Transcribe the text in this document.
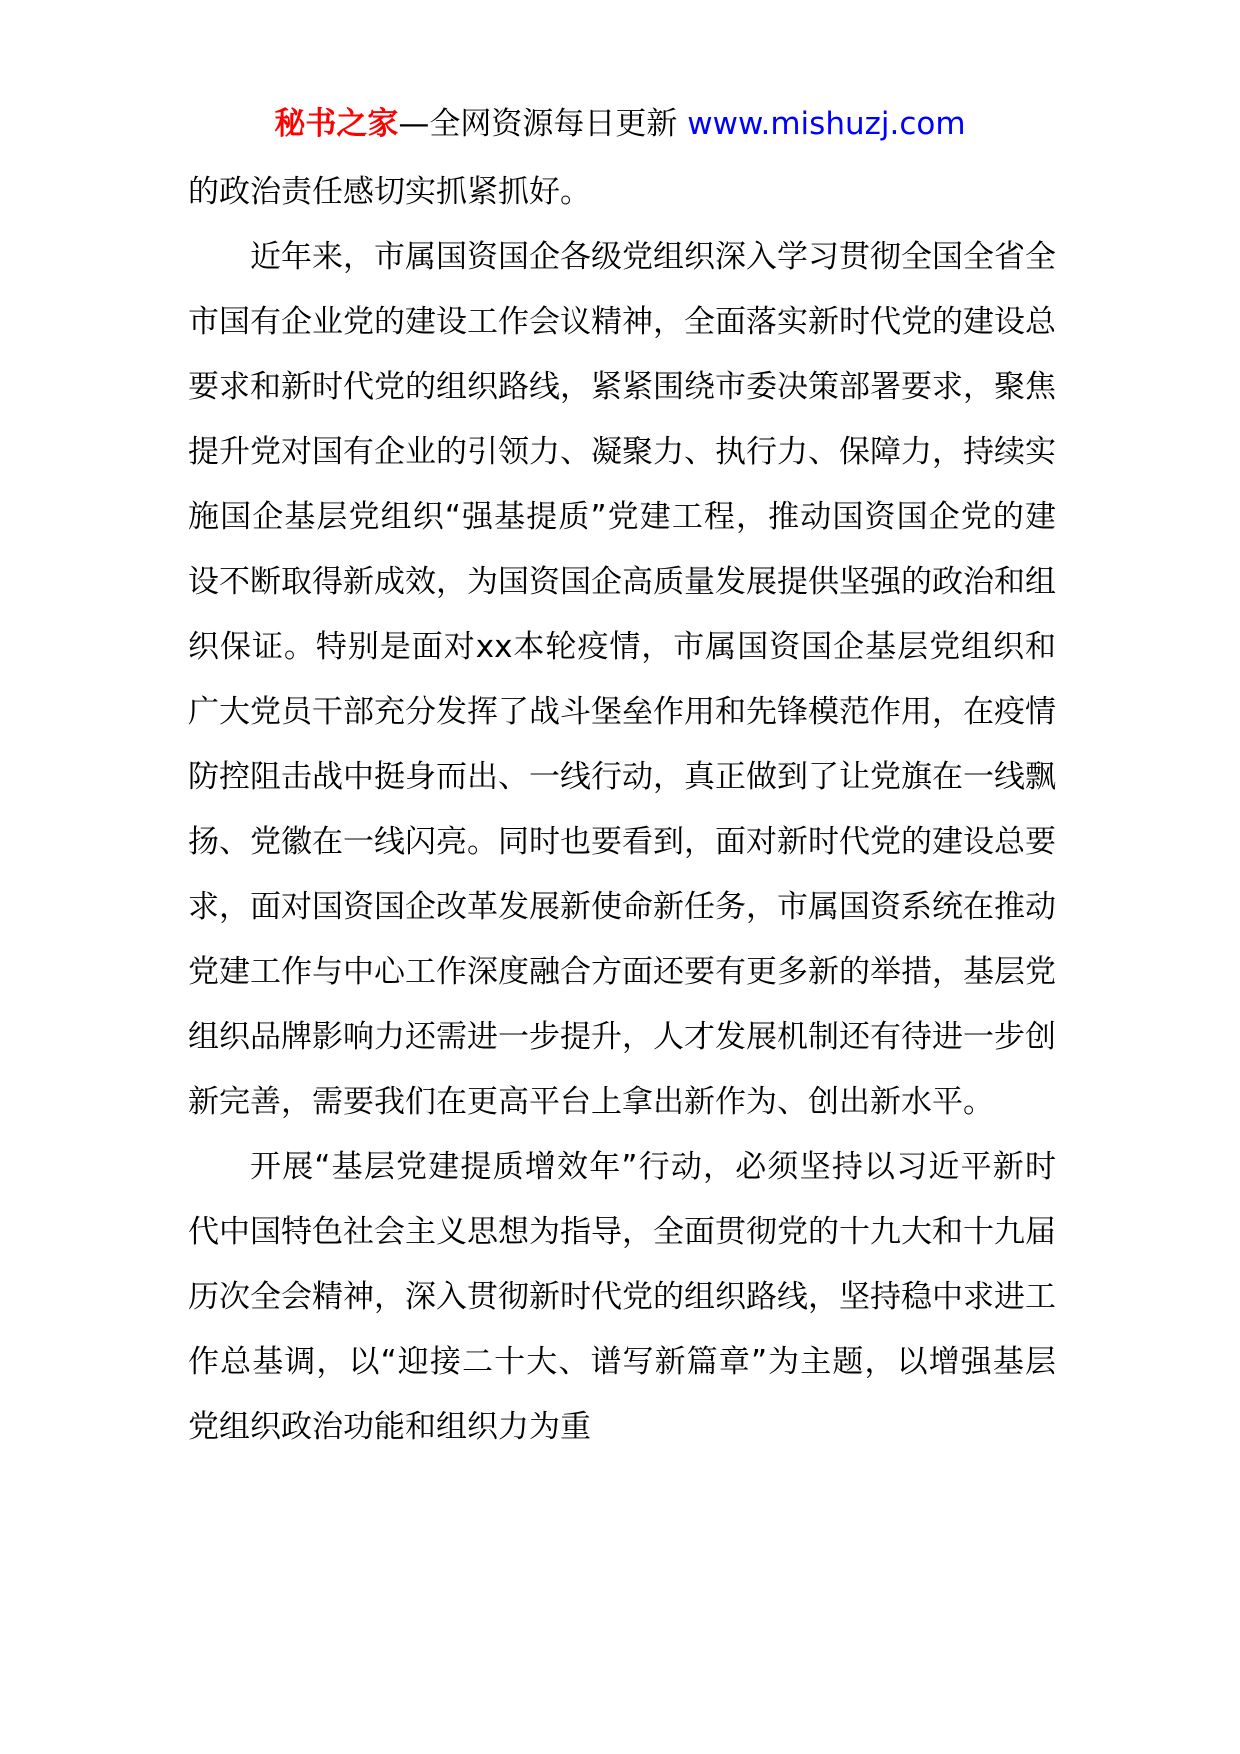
秘书之家—全网资源每日更新 www.mishuzj.com

的政治责任感切实抓紧抓好。

近年来，市属国资国企各级党组织深入学习贯彻全国全省全市国有企业党的建设工作会议精神，全面落实新时代党的建设总要求和新时代党的组织路线，紧紧围绕市委决策部署要求，聚焦提升党对国有企业的引领力、凝聚力、执行力、保障力，持续实施国企基层党组织“强基提质”党建工程，推动国资国企党的建设不断取得新成效，为国资国企高质量发展提供坚强的政治和组织保证。特别是面对xx本轮疫情，市属国资国企基层党组织和广大党员干部充分发挥了战斗堡垒作用和先锋模范作用，在疫情防控阻击战中挺身而出、一线行动，真正做到了让党旗在一线飘扬、党徽在一线闪亮。同时也要看到，面对新时代党的建设总要求，面对国资国企改革发展新使命新任务，市属国资系统在推动党建工作与中心工作深度融合方面还要有更多新的举措，基层党组织品牌影响力还需进一步提升，人才发展机制还有待进一步创新完善，需要我们在更高平台上拿出新作为、创出新水平。

开展“基层党建提质增效年”行动，必须坚持以习近平新时代中国特色社会主义思想为指导，全面贯彻党的十九大和十九届历次全会精神，深入贯彻新时代党的组织路线，坚持稳中求进工作总基调，以“迎接二十大、谱写新篇章”为主题，以增强基层党组织政治功能和组织力为重
